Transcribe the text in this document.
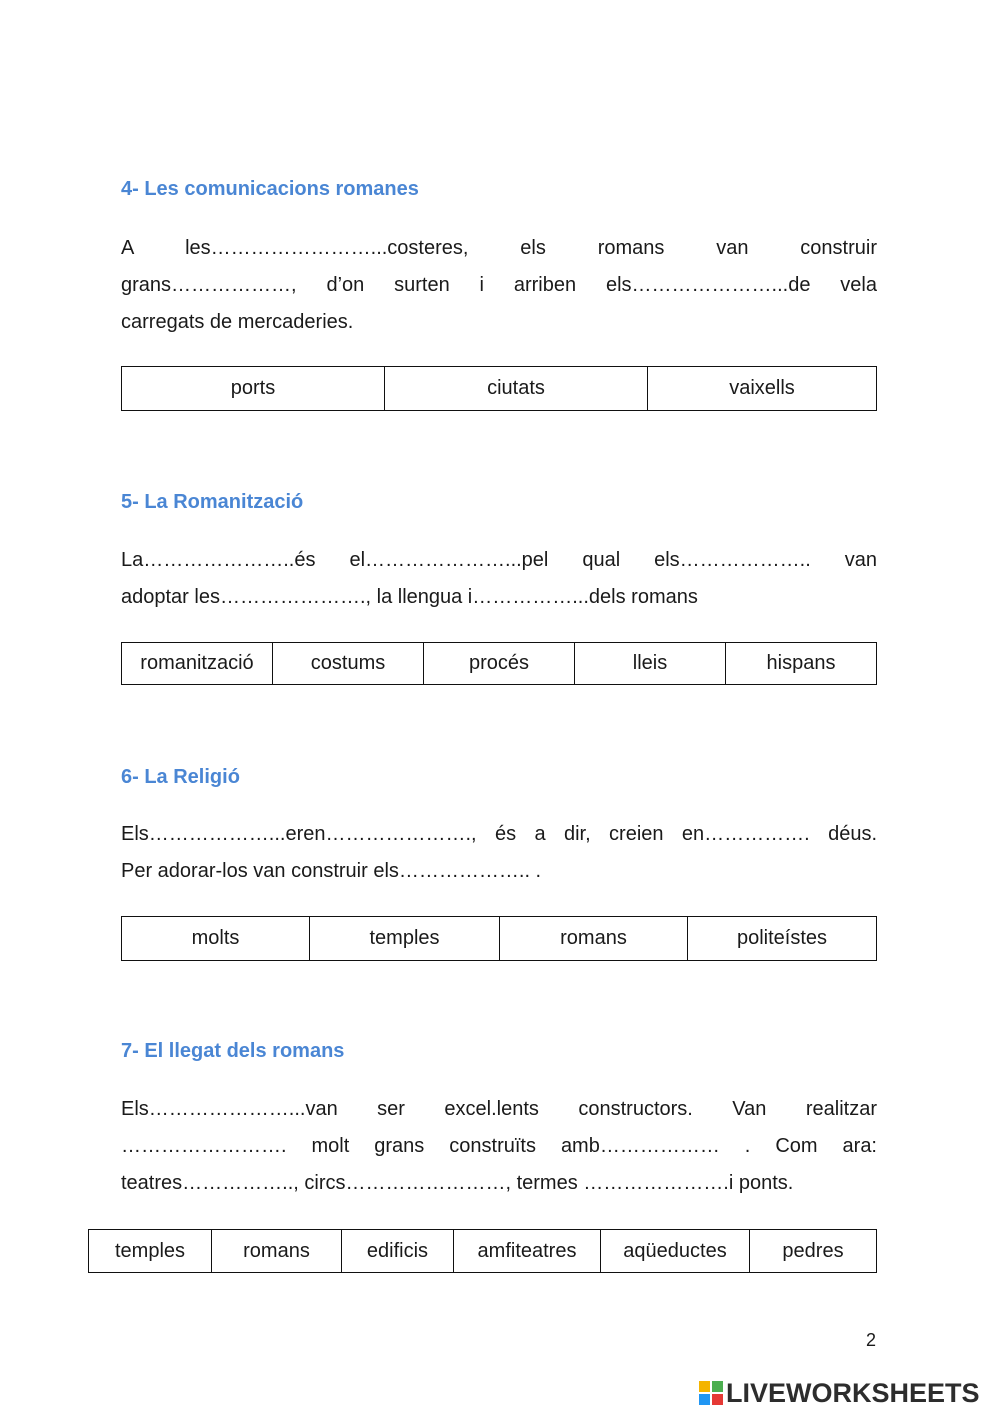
4- Les comunicacions romanes
A les……………………...costeres, els romans van construir
grans………………, d’on surten i arriben els…………………...de vela
carregats de mercaderies.
ports	ciutats	vaixells
5- La Romanització
La…………………..és el…………………...pel qual els……………….. van
adoptar les…………………., la llengua i……………...dels romans
romanització	costums	procés	lleis	hispans
6- La Religió
Els………………...eren…………………., és a dir, creien en……………. déus.
Per adorar-los van construir els……………….. .
molts	temples	romans	politeístes
7- El llegat dels romans
Els…………………...van ser excel.lents constructors. Van realitzar
……………………. molt grans construïts amb……………… . Com ara:
teatres…………….., circs……………………, termes ………………….i ponts.
temples	romans	edificis	amfiteatres	aqüeductes	pedres
2
LIVEWORKSHEETS
